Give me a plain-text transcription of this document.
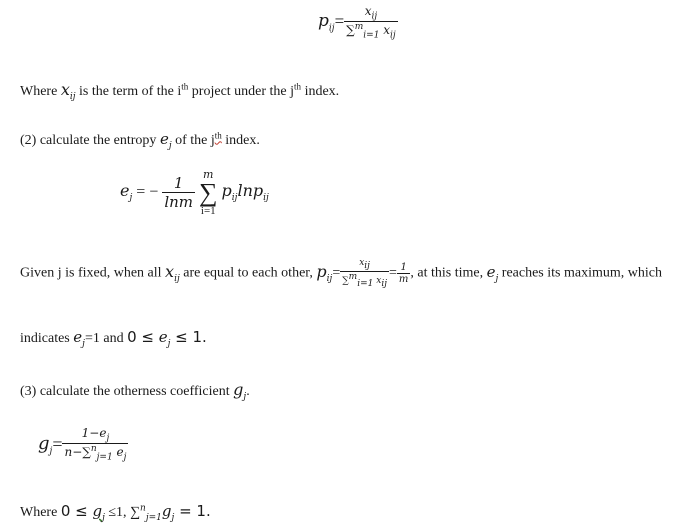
$p_{ij}= \frac{x_{ij}}{\sum^m_{i=1} x_{ij}}$
Where $x_{ij}$ is the term of the $i^{th}$ project under the $j^{th}$ index.
(2) calculate the entropy $e_j$ of the $j^{th}$ index.
$e_j$ = − $\frac{1}{\ln m}$
m
∑
i=1
$p_{ij}\ln p_{ij}$
Given j is fixed, when all $x_{ij}$ are equal to each other, $p_{ij}= \frac{x_{ij}}{\sum^m_{i=1} x_{ij}} = \frac{1}{m}$ , at this time, $e_j$ reaches its maximum, which
indicates $e_j=1$ and $0 \le e_j \le 1$.
(3) calculate the otherness coefficient $g_j$.
$g_j= \frac{1-e_j}{n-\sum^n_{j=1} e_j}$
Where $0 \le g_j \le 1$, $\sum^n_{j=1}g_j = 1$.
